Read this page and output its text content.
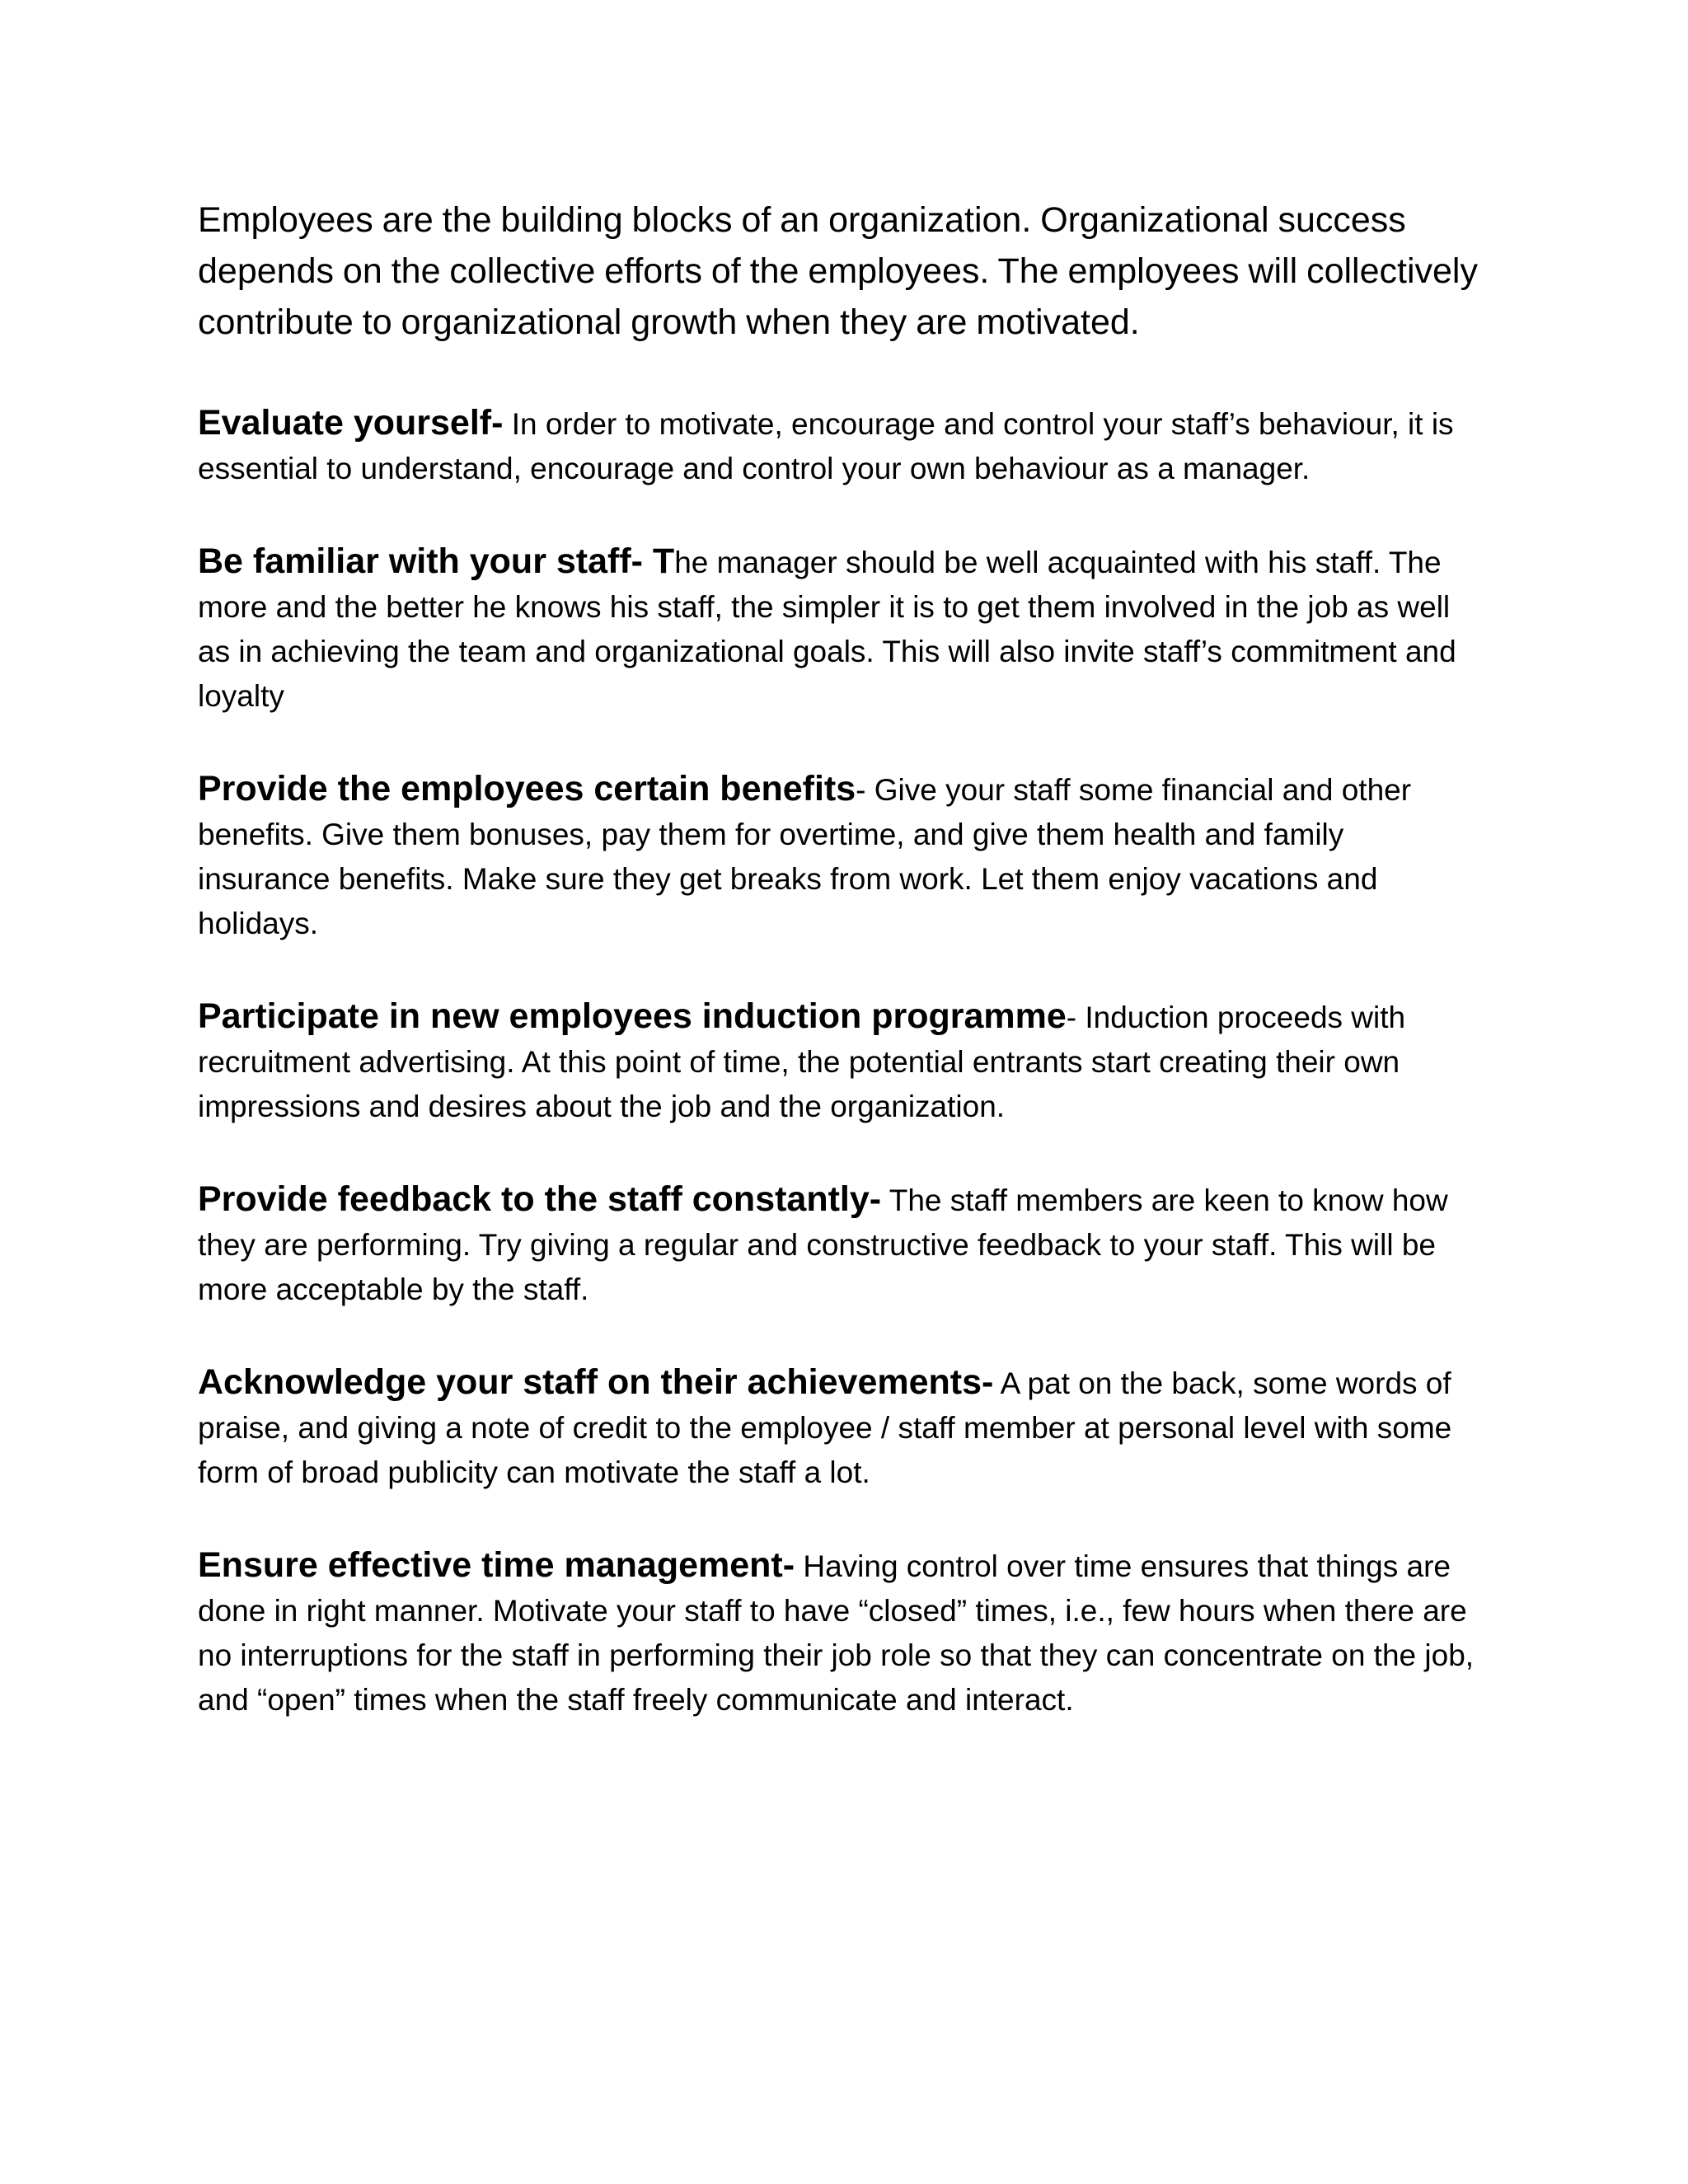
Employees are the building blocks of an organization. Organizational success depends on the collective efforts of the employees. The employees will collectively contribute to organizational growth when they are motivated.

Evaluate yourself- In order to motivate, encourage and control your staff’s behaviour, it is essential to understand, encourage and control your own behaviour as a manager.

Be familiar with your staff- The manager should be well acquainted with his staff. The more and the better he knows his staff, the simpler it is to get them involved in the job as well as in achieving the team and organizational goals. This will also invite staff’s commitment and loyalty

Provide the employees certain benefits- Give your staff some financial and other benefits. Give them bonuses, pay them for overtime, and give them health and family insurance benefits. Make sure they get breaks from work. Let them enjoy vacations and holidays.

Participate in new employees induction programme- Induction proceeds with recruitment advertising. At this point of time, the potential entrants start creating their own impressions and desires about the job and the organization.

Provide feedback to the staff constantly- The staff members are keen to know how they are performing. Try giving a regular and constructive feedback to your staff. This will be more acceptable by the staff.

Acknowledge your staff on their achievements- A pat on the back, some words of praise, and giving a note of credit to the employee / staff member at personal level with some form of broad publicity can motivate the staff a lot.

Ensure effective time management- Having control over time ensures that things are done in right manner. Motivate your staff to have “closed” times, i.e., few hours when there are no interruptions for the staff in performing their job role so that they can concentrate on the job, and “open” times when the staff freely communicate and interact.
